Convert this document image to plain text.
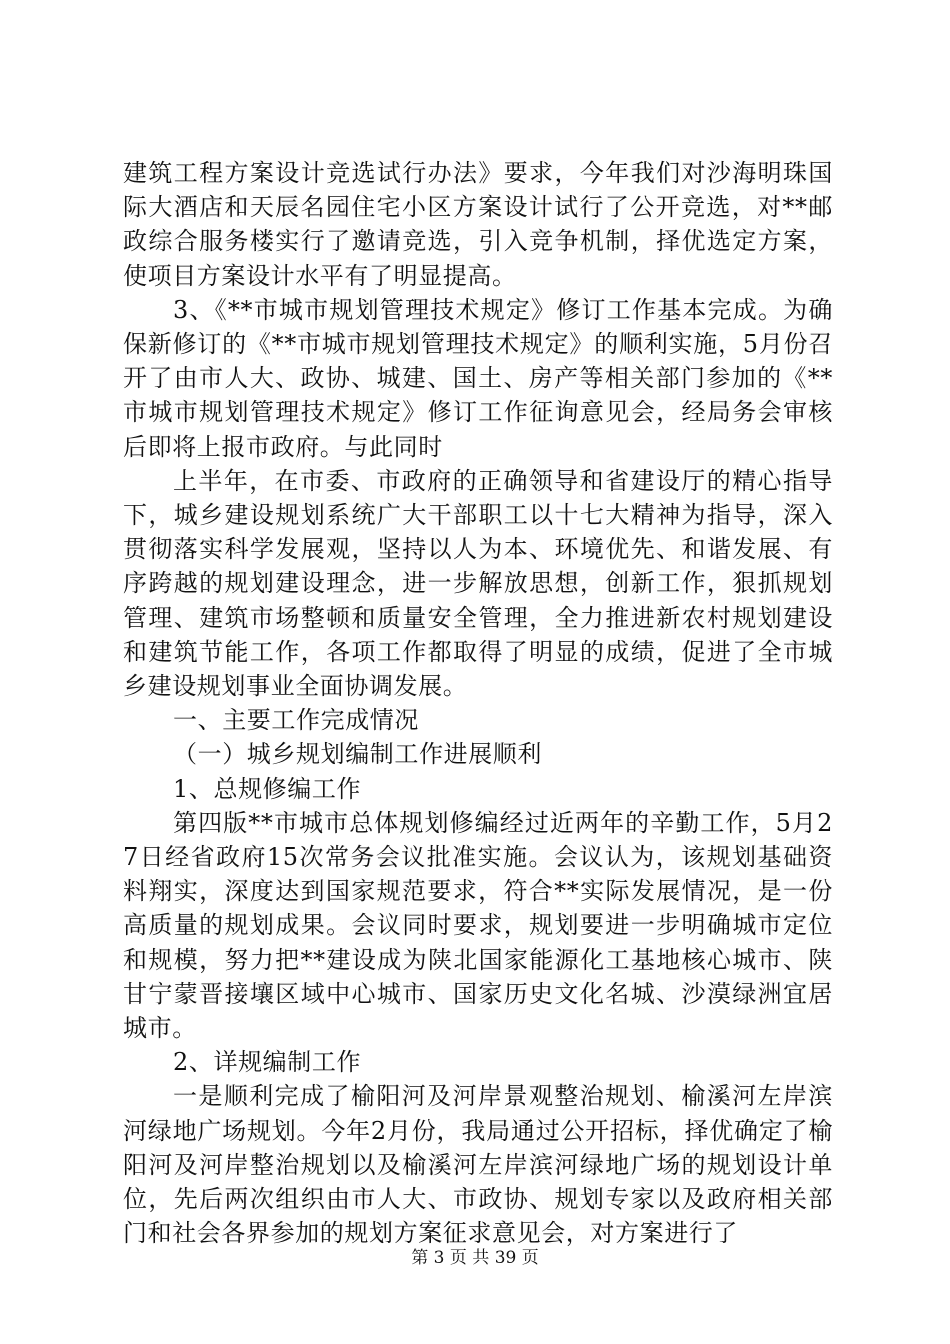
建筑工程方案设计竞选试行办法》要求，今年我们对沙海明珠国际大酒店和天辰名园住宅小区方案设计试行了公开竞选，对**邮政综合服务楼实行了邀请竞选，引入竞争机制，择优选定方案，使项目方案设计水平有了明显提高。

3、《**市城市规划管理技术规定》修订工作基本完成。为确保新修订的《**市城市规划管理技术规定》的顺利实施，5月份召开了由市人大、政协、城建、国土、房产等相关部门参加的《**市城市规划管理技术规定》修订工作征询意见会，经局务会审核后即将上报市政府。与此同时

上半年，在市委、市政府的正确领导和省建设厅的精心指导下，城乡建设规划系统广大干部职工以十七大精神为指导，深入贯彻落实科学发展观，坚持以人为本、环境优先、和谐发展、有序跨越的规划建设理念，进一步解放思想，创新工作，狠抓规划管理、建筑市场整顿和质量安全管理，全力推进新农村规划建设和建筑节能工作，各项工作都取得了明显的成绩，促进了全市城乡建设规划事业全面协调发展。

一、主要工作完成情况

（一）城乡规划编制工作进展顺利

1、总规修编工作

第四版**市城市总体规划修编经过近两年的辛勤工作，5月27日经省政府15次常务会议批准实施。会议认为，该规划基础资料翔实，深度达到国家规范要求，符合**实际发展情况，是一份高质量的规划成果。会议同时要求，规划要进一步明确城市定位和规模，努力把**建设成为陕北国家能源化工基地核心城市、陕甘宁蒙晋接壤区域中心城市、国家历史文化名城、沙漠绿洲宜居城市。

2、详规编制工作

一是顺利完成了榆阳河及河岸景观整治规划、榆溪河左岸滨河绿地广场规划。今年2月份，我局通过公开招标，择优确定了榆阳河及河岸整治规划以及榆溪河左岸滨河绿地广场的规划设计单位，先后两次组织由市人大、市政协、规划专家以及政府相关部门和社会各界参加的规划方案征求意见会，对方案进行了

第 3 页 共 39 页
